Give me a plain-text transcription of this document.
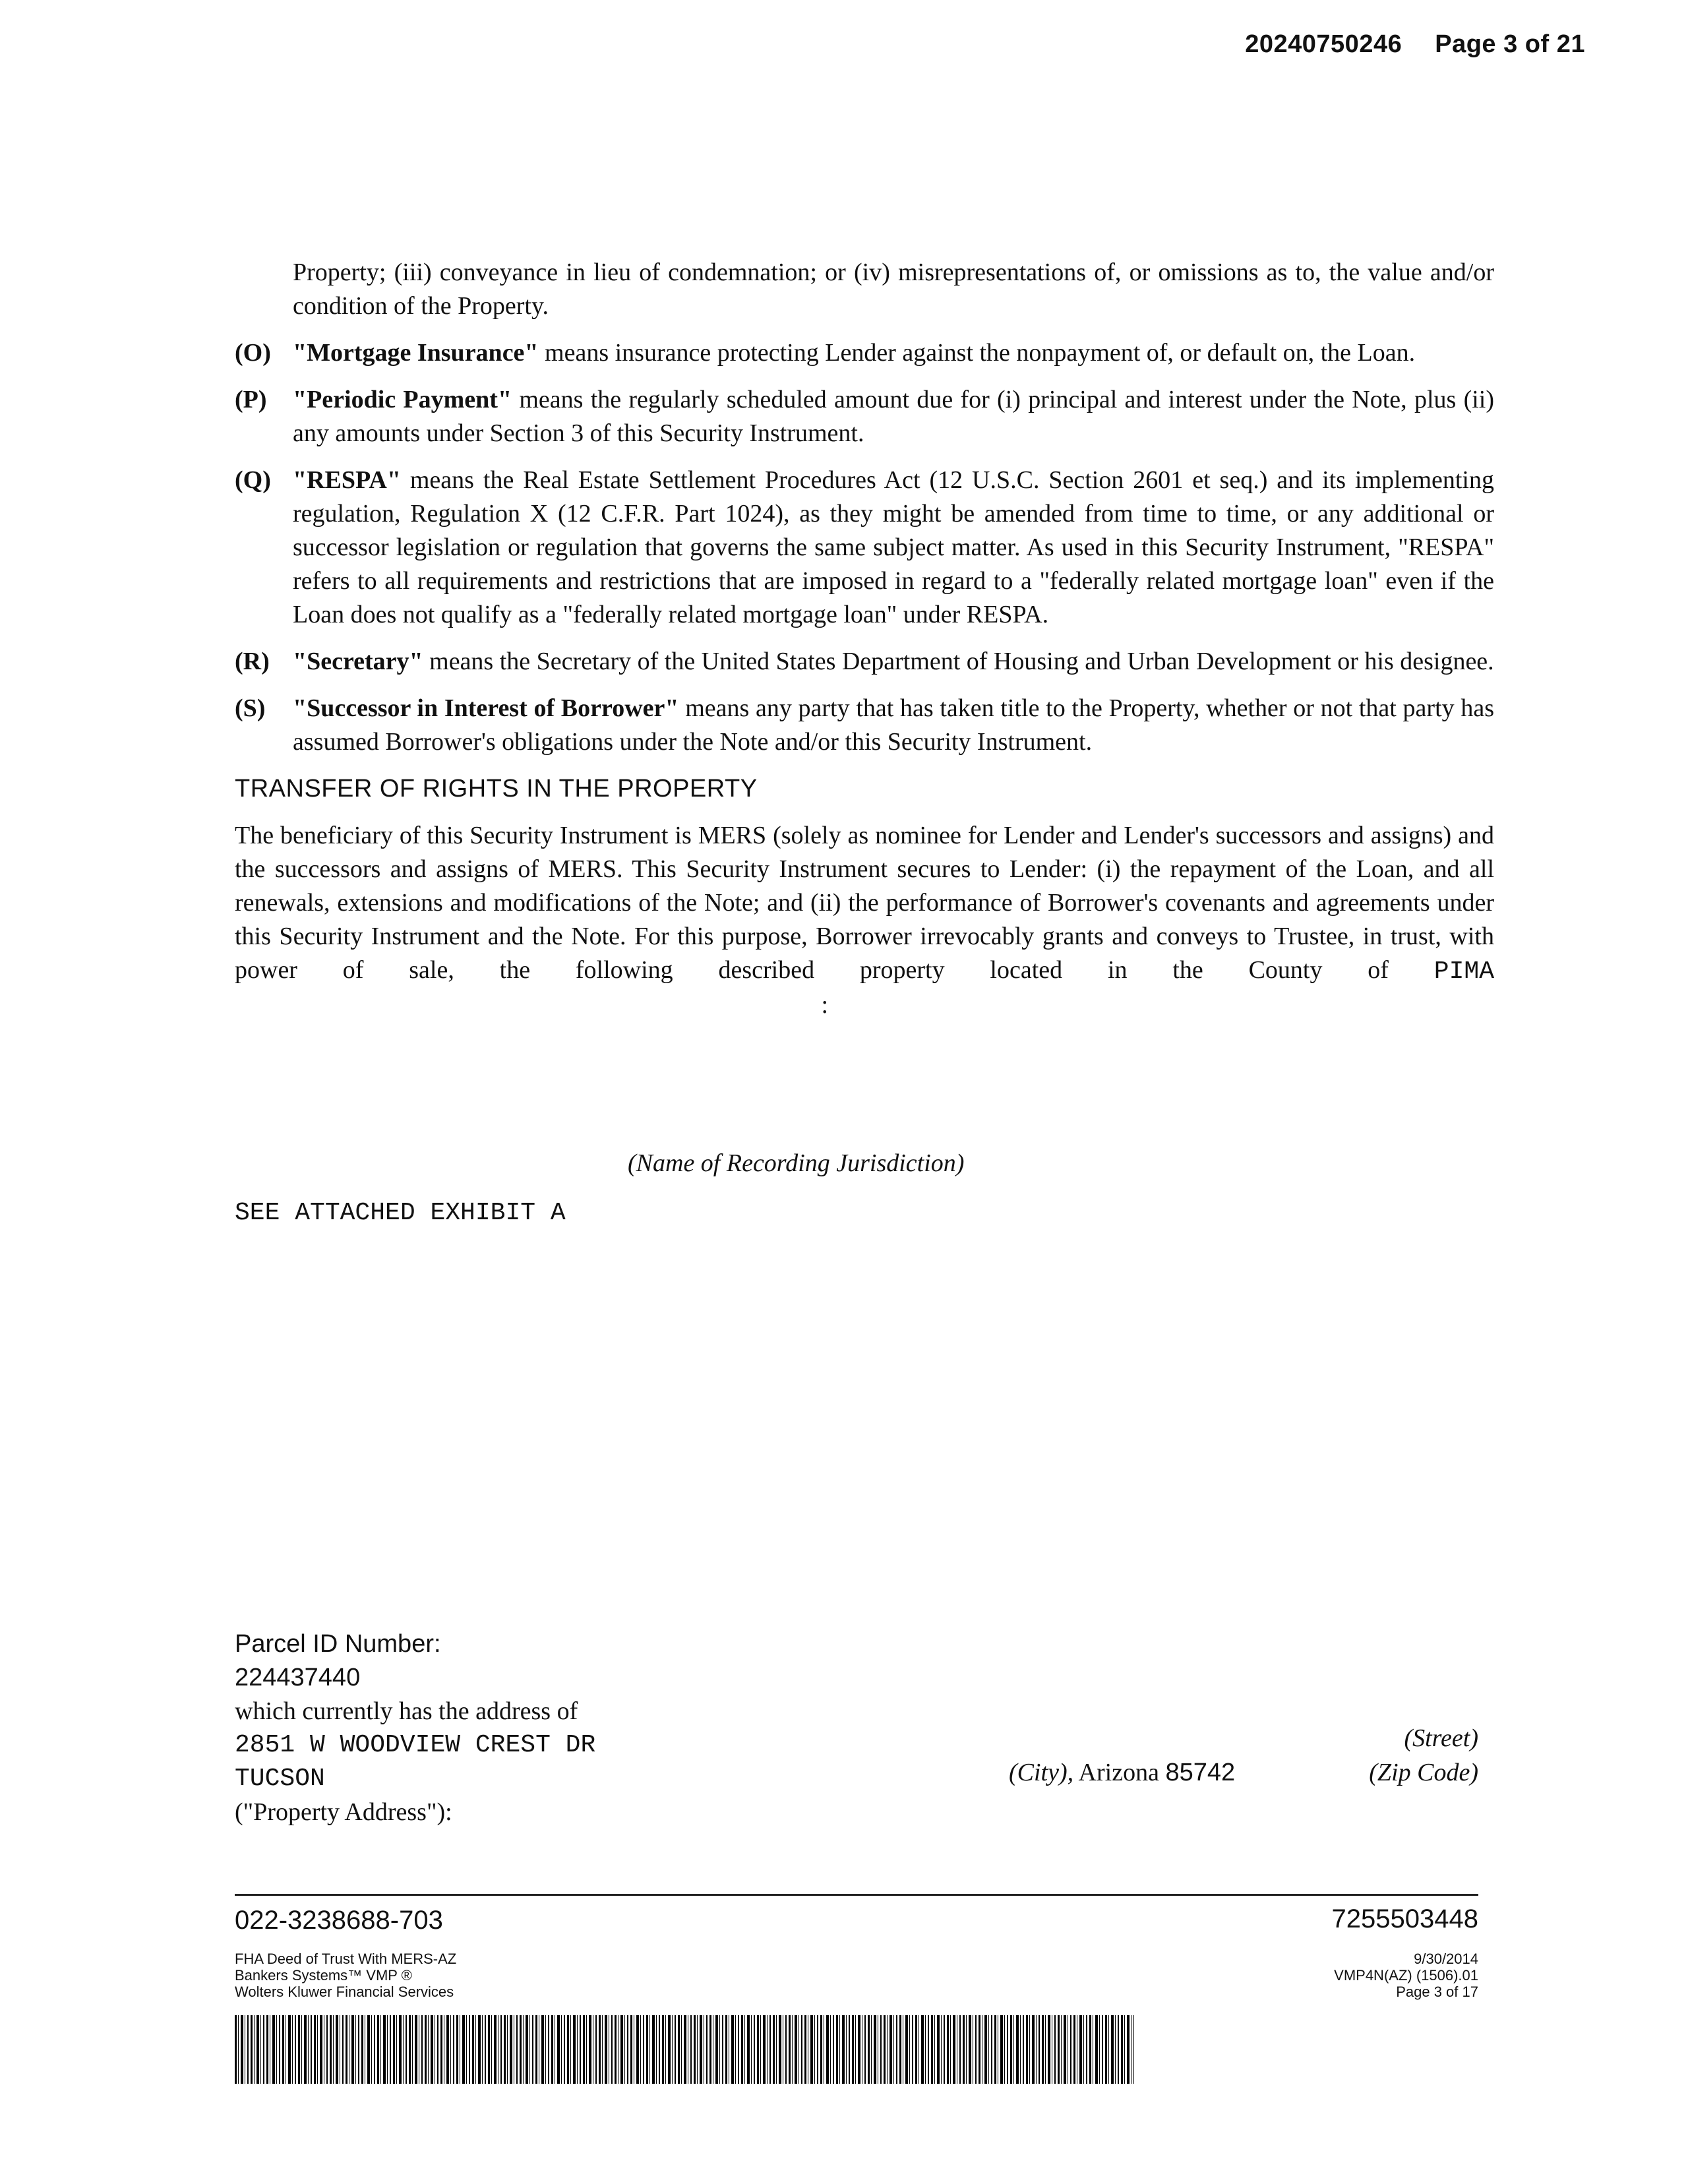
20240750246 Page 3 of 21
Property; (iii) conveyance in lieu of condemnation; or (iv) misrepresentations of, or omissions as to, the value and/or condition of the Property.
(O) "Mortgage Insurance" means insurance protecting Lender against the nonpayment of, or default on, the Loan.
(P)	"Periodic Payment" means the regularly scheduled amount due for (i) principal and interest under the Note, plus (ii) any amounts under Section 3 of this Security Instrument.
(Q) "RESPA" means the Real Estate Settlement Procedures Act (12 U.S.C. Section 2601 et seq.) and its implementing regulation, Regulation X (12 C.F.R. Part 1024), as they might be amended from time to time, or any additional or successor legislation or regulation that governs the same subject matter. As used in this Security Instrument, "RESPA" refers to all requirements and restrictions that are imposed in regard to a "federally related mortgage loan" even if the Loan does not qualify as a "federally related mortgage loan" under RESPA.
(R) "Secretary" means the Secretary of the United States Department of Housing and Urban Development or his designee.
(S)	"Successor in Interest of Borrower" means any party that has taken title to the Property, whether or not that party has assumed Borrower's obligations under the Note and/or this Security Instrument.
TRANSFER OF RIGHTS IN THE PROPERTY
The beneficiary of this Security Instrument is MERS (solely as nominee for Lender and Lender's successors and assigns) and the successors and assigns of MERS. This Security Instrument secures to Lender: (i) the repayment of the Loan, and all renewals, extensions and modifications of the Note; and (ii) the performance of Borrower's covenants and agreements under this Security Instrument and the Note. For this purpose, Borrower irrevocably grants and conveys to Trustee, in trust, with power of sale, the following described property located in the County of PIMA  :
(Name of Recording Jurisdiction)
SEE ATTACHED EXHIBIT A
Parcel ID Number:
224437440
which currently has the address of
2851 W WOODVIEW CREST DR
TUCSON
("Property Address"):
(City), Arizona 85742
(Street)
(Zip Code)
022-3238688-703	7255503448
FHA Deed of Trust With MERS-AZ
Bankers Systems™ VMP ®
Wolters Kluwer Financial Services
9/30/2014
VMP4N(AZ) (1506).01
Page 3 of 17
